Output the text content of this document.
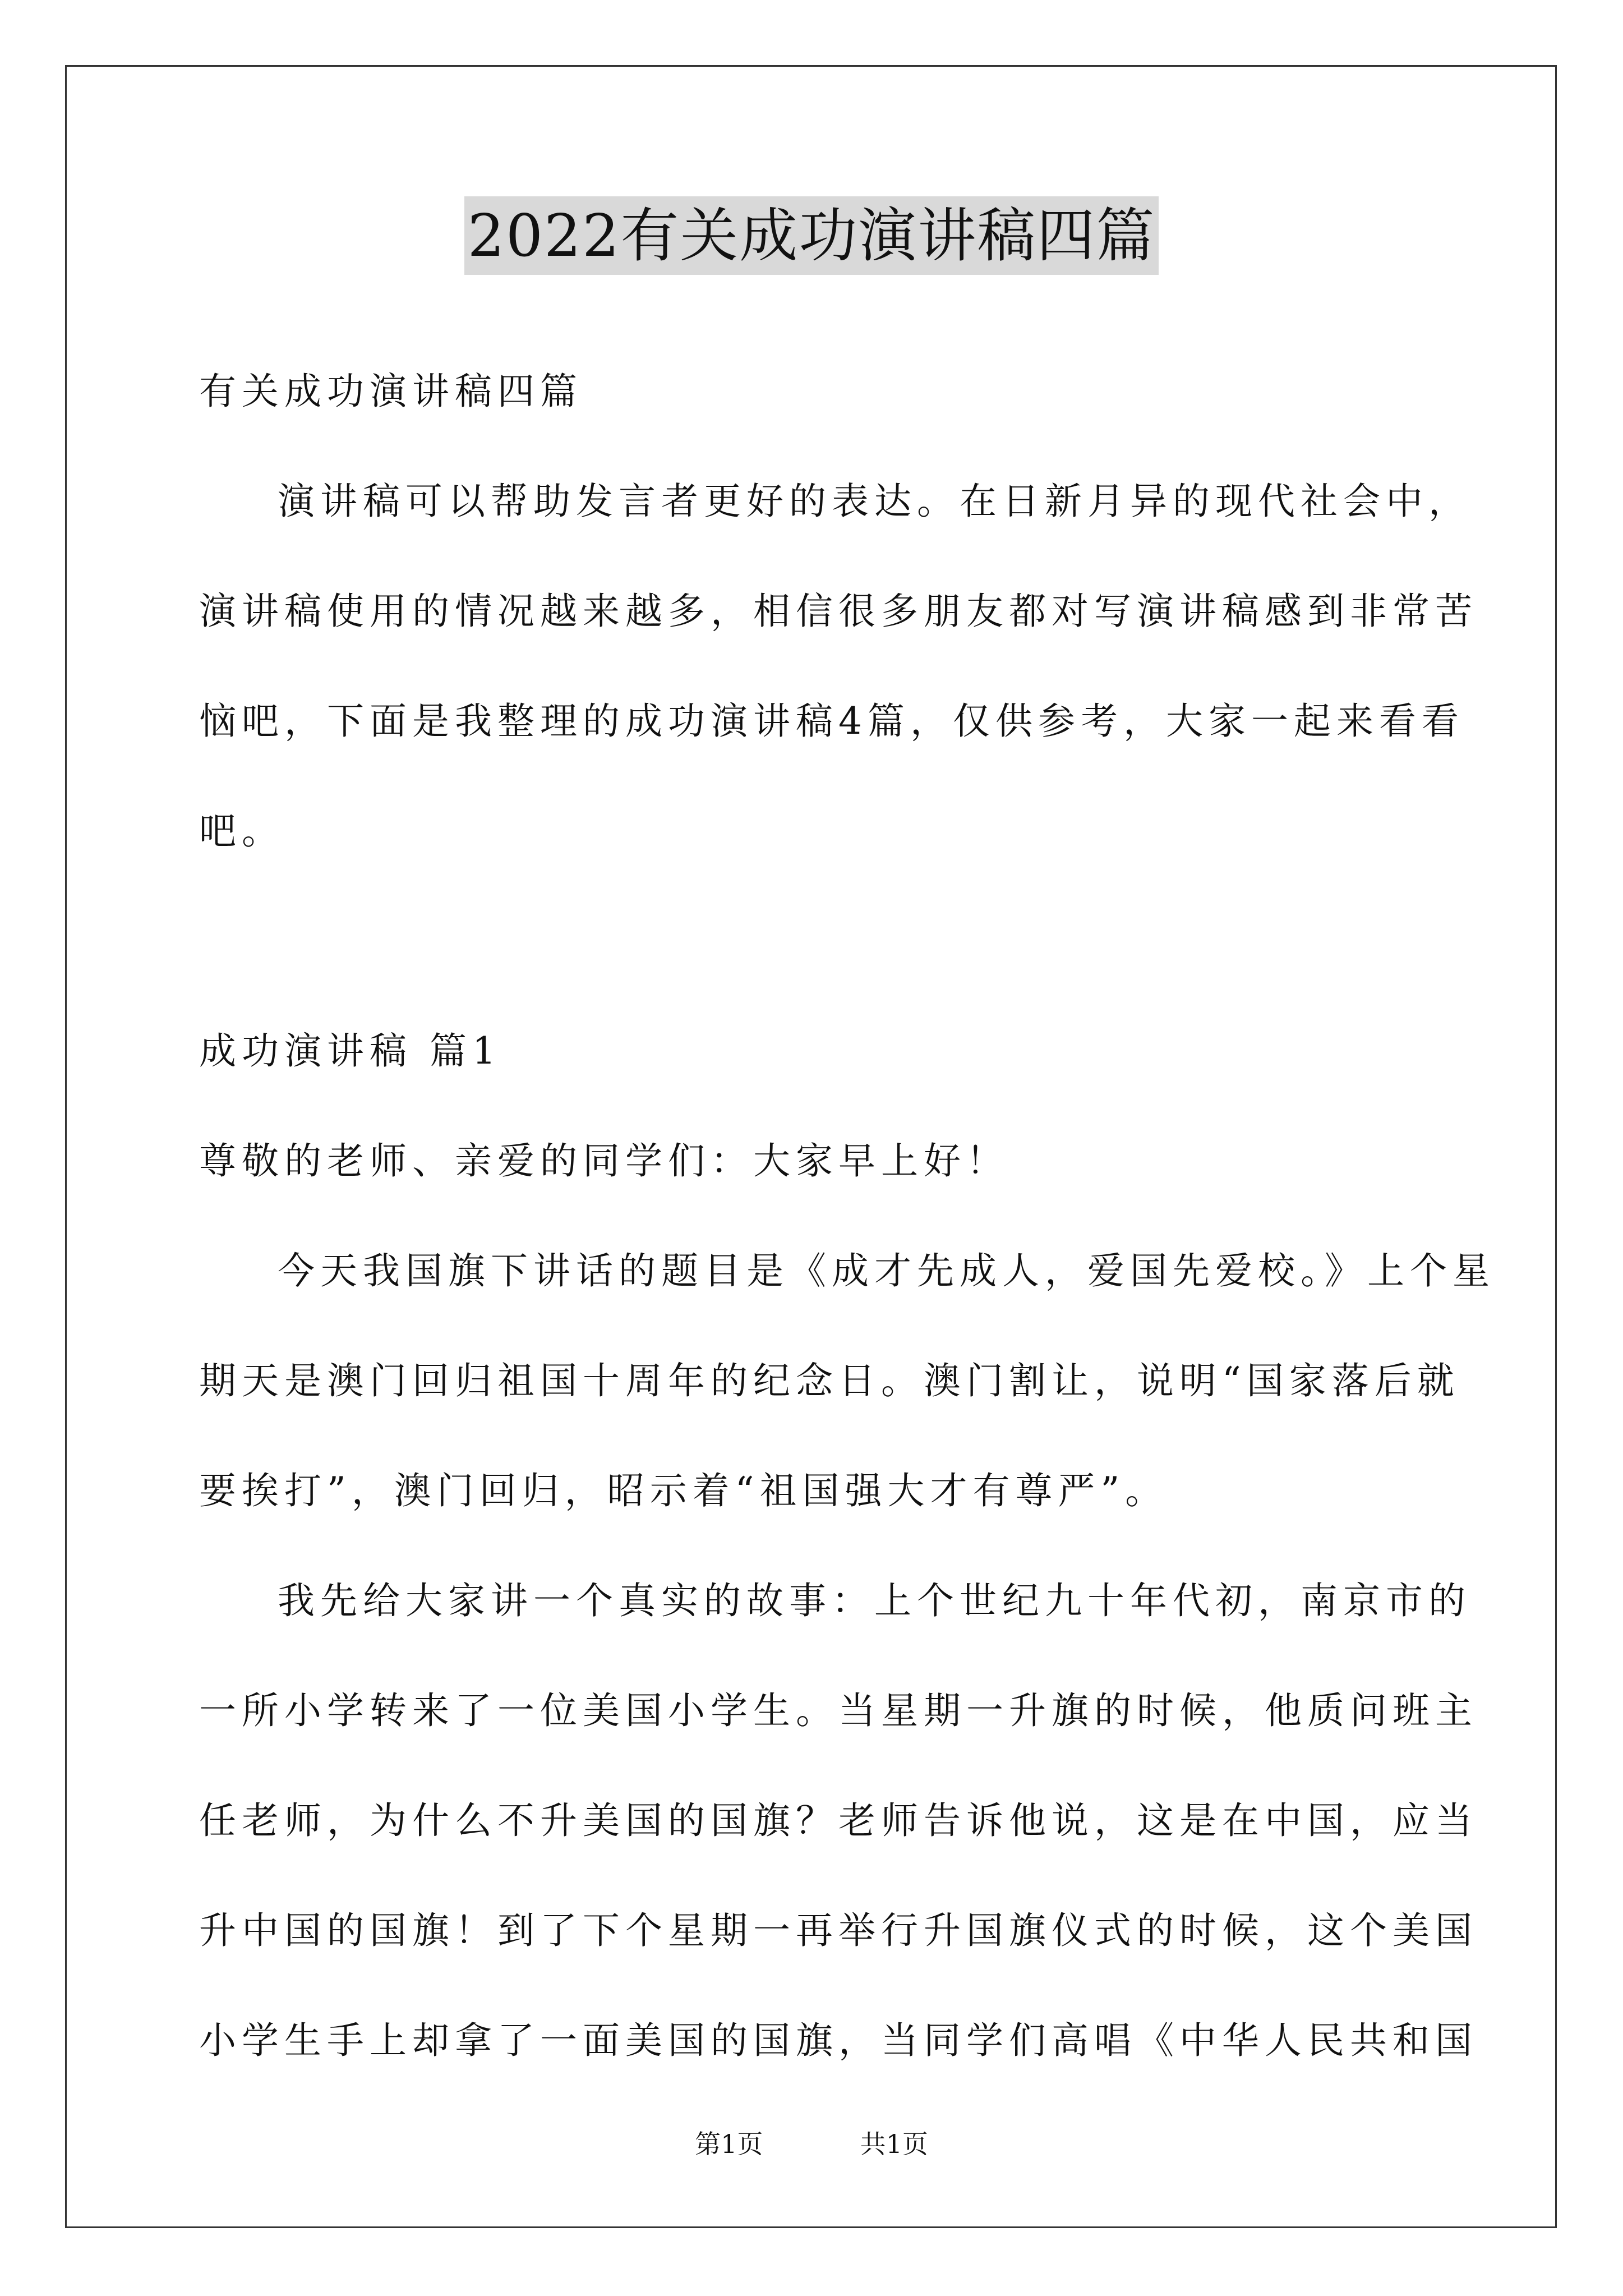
2022有关成功演讲稿四篇
有关成功演讲稿四篇
演讲稿可以帮助发言者更好的表达。在日新月异的现代社会中，
演讲稿使用的情况越来越多，相信很多朋友都对写演讲稿感到非常苦
恼吧，下面是我整理的成功演讲稿4篇，仅供参考，大家一起来看看
吧。
成功演讲稿 篇1
尊敬的老师、亲爱的同学们：大家早上好！
今天我国旗下讲话的题目是《成才先成人，爱国先爱校。》上个星
期天是澳门回归祖国十周年的纪念日。澳门割让，说明“国家落后就
要挨打”，澳门回归，昭示着“祖国强大才有尊严”。
我先给大家讲一个真实的故事：上个世纪九十年代初，南京市的
一所小学转来了一位美国小学生。当星期一升旗的时候，他质问班主
任老师，为什么不升美国的国旗？老师告诉他说，这是在中国，应当
升中国的国旗！到了下个星期一再举行升国旗仪式的时候，这个美国
小学生手上却拿了一面美国的国旗，当同学们高唱《中华人民共和国
第1页	共1页
